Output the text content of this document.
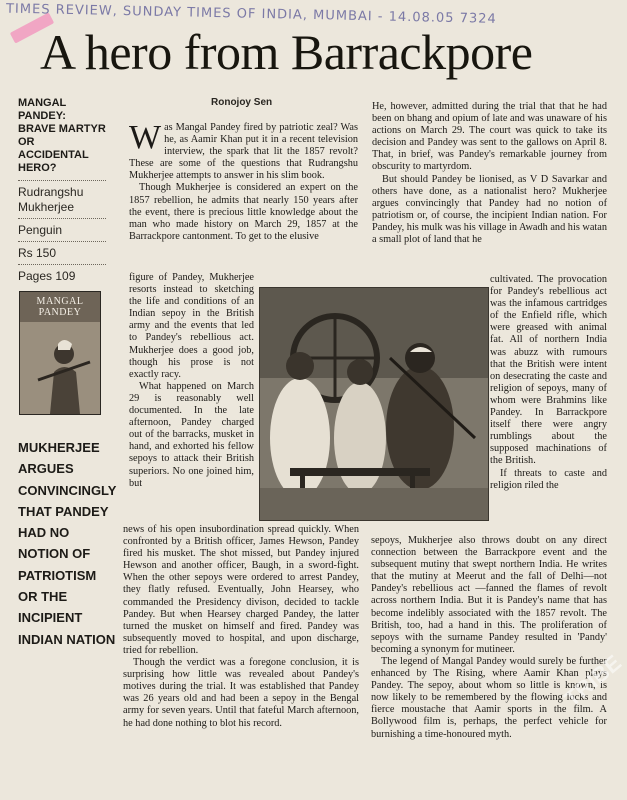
TIMES REVIEW, SUNDAY TIMES OF INDIA, MUMBAI - 14.08.05 7324
A hero from Barrackpore
MANGAL PANDEY: BRAVE MARTYR OR ACCIDENTAL HERO?
Rudrangshu Mukherjee
Penguin
Rs 150
Pages 109
MANGAL PANDEY
MUKHERJEE ARGUES CONVINCINGLY THAT PANDEY HAD NO NOTION OF PATRIOTISM OR THE INCIPIENT INDIAN NATION
Ronojoy Sen

Was Mangal Pandey fired by patriotic zeal? Was he, as Aamir Khan put it in a recent television interview, the spark that lit the 1857 revolt? These are some of the questions that Rudrangshu Mukherjee attempts to answer in his slim book.

Though Mukherjee is considered an expert on the 1857 rebellion, he admits that nearly 150 years after the event, there is precious little knowledge about the man who made history on March 29, 1857 at the Barrackpore cantonment. To get to the elusive

figure of Pandey, Mukherjee resorts instead to sketching the life and conditions of an Indian sepoy in the British army and the events that led to Pandey's rebellious act. Mukherjee does a good job, though his prose is not exactly racy.

What happened on March 29 is reasonably well documented. In the late afternoon, Pandey charged out of the barracks, musket in hand, and exhorted his fellow sepoys to attack their British superiors. No one joined him, but

news of his open insubordination spread quickly. When confronted by a British officer, James Hewson, Pandey fired his musket. The shot missed, but Pandey injured Hewson and another officer, Baugh, in a sword-fight. When the other sepoys were ordered to arrest Pandey, they flatly refused. Eventually, John Hearsey, who commanded the Presidency divison, decided to tackle Pandey. But when Hearsey charged Pandey, the latter turned the musket on himself and fired. Pandey was subsequently moved to hospital, and upon discharge, tried for rebellion.

Though the verdict was a foregone conclusion, it is surprising how little was revealed about Pandey's motives during the trial. It was established that Pandey was 26 years old and had been a sepoy in the Bengal army for seven years. Until that fateful March afternoon, he had done nothing to blot his record.

He, however, admitted during the trial that that he had been on bhang and opium of late and was unaware of his actions on March 29. The court was quick to take its decision and Pandey was sent to the gallows on April 8. That, in brief, was Pandey's remarkable journey from obscurity to martyrdom.

But should Pandey be lionised, as V D Savarkar and others have done, as a nationalist hero? Mukherjee argues convincingly that Pandey had no notion of patriotism or, of course, the incipient Indian nation. For Pandey, his mulk was his village in Awadh and his watan a small plot of land that he

cultivated. The provocation for Pandey's rebellious act was the infamous cartridges of the Enfield rifle, which were greased with animal fat. All of northern India was abuzz with rumours that the British were intent on desecrating the caste and religion of sepoys, many of whom were Brahmins like Pandey. In Barrackpore itself there were angry rumblings about the supposed machinations of the British.

If threats to caste and religion riled the

sepoys, Mukherjee also throws doubt on any direct connection between the Barrackpore event and the subsequent mutiny that swept northern India. He writes that the mutiny at Meerut and the fall of Delhi—not Pandey's rebellious act —fanned the flames of revolt across northern India. But it is Pandey's name that has become indelibly associated with the 1857 revolt. The British, too, had a hand in this. The proliferation of sepoys with the surname Pandey resulted in 'Pandy' becoming a synonym for mutineer.

The legend of Mangal Pandey would surely be further enhanced by The Rising, where Aamir Khan plays Pandey. The sepoy, about whom so little is known, is now likely to be remembered by the flowing locks and fierce moustache that Aamir sports in the film. A Bollywood film is, perhaps, the perfect vehicle for burnishing a time-honoured myth.

TRIBE
